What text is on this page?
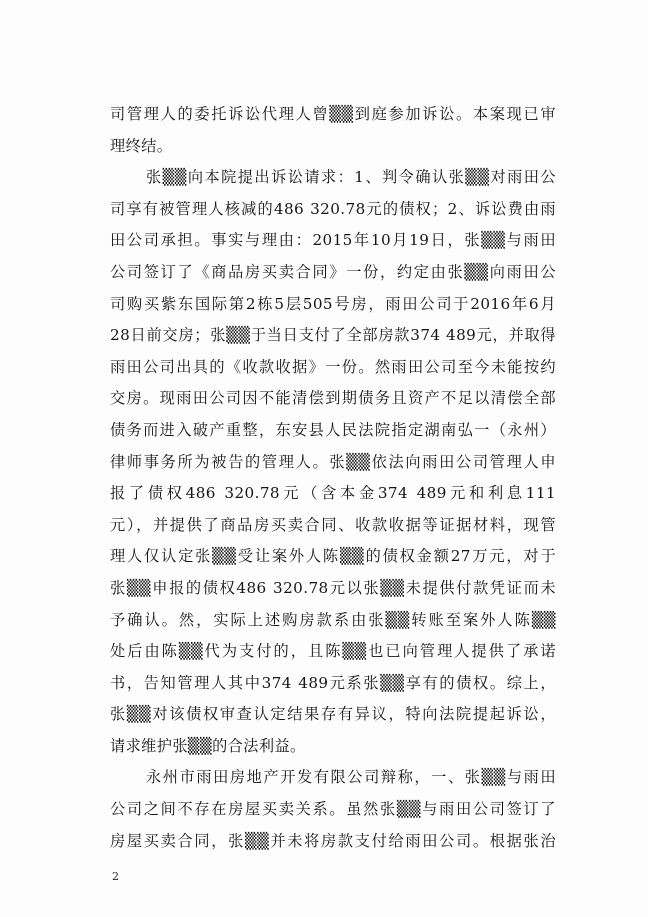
司管理人的委托诉讼代理人曾▒▒到庭参加诉讼。本案现已审
理终结。
张▒▒向本院提出诉讼请求：1、判令确认张▒▒对雨田公
司享有被管理人核减的486 320.78元的债权；2、诉讼费由雨
田公司承担。事实与理由：2015年10月19日，张▒▒与雨田
公司签订了《商品房买卖合同》一份，约定由张▒▒向雨田公
司购买紫东国际第2栋5层505号房，雨田公司于2016年6月
28日前交房；张▒▒于当日支付了全部房款374 489元，并取得
雨田公司出具的《收款收据》一份。然雨田公司至今未能按约
交房。现雨田公司因不能清偿到期债务且资产不足以清偿全部
债务而进入破产重整，东安县人民法院指定湖南弘一（永州）
律师事务所为被告的管理人。张▒▒依法向雨田公司管理人申
报了债权486 320.78元（含本金374 489元和利息111
元），并提供了商品房买卖合同、收款收据等证据材料，现管
理人仅认定张▒▒受让案外人陈▒▒的债权金额27万元，对于
张▒▒申报的债权486 320.78元以张▒▒未提供付款凭证而未
予确认。然，实际上述购房款系由张▒▒转账至案外人陈▒▒
处后由陈▒▒代为支付的，且陈▒▒也已向管理人提供了承诺
书，告知管理人其中374 489元系张▒▒享有的债权。综上，
张▒▒对该债权审查认定结果存有异议，特向法院提起诉讼，
请求维护张▒▒的合法利益。
永州市雨田房地产开发有限公司辩称，一、张▒▒与雨田
公司之间不存在房屋买卖关系。虽然张▒▒与雨田公司签订了
房屋买卖合同，张▒▒并未将房款支付给雨田公司。根据张治
2
